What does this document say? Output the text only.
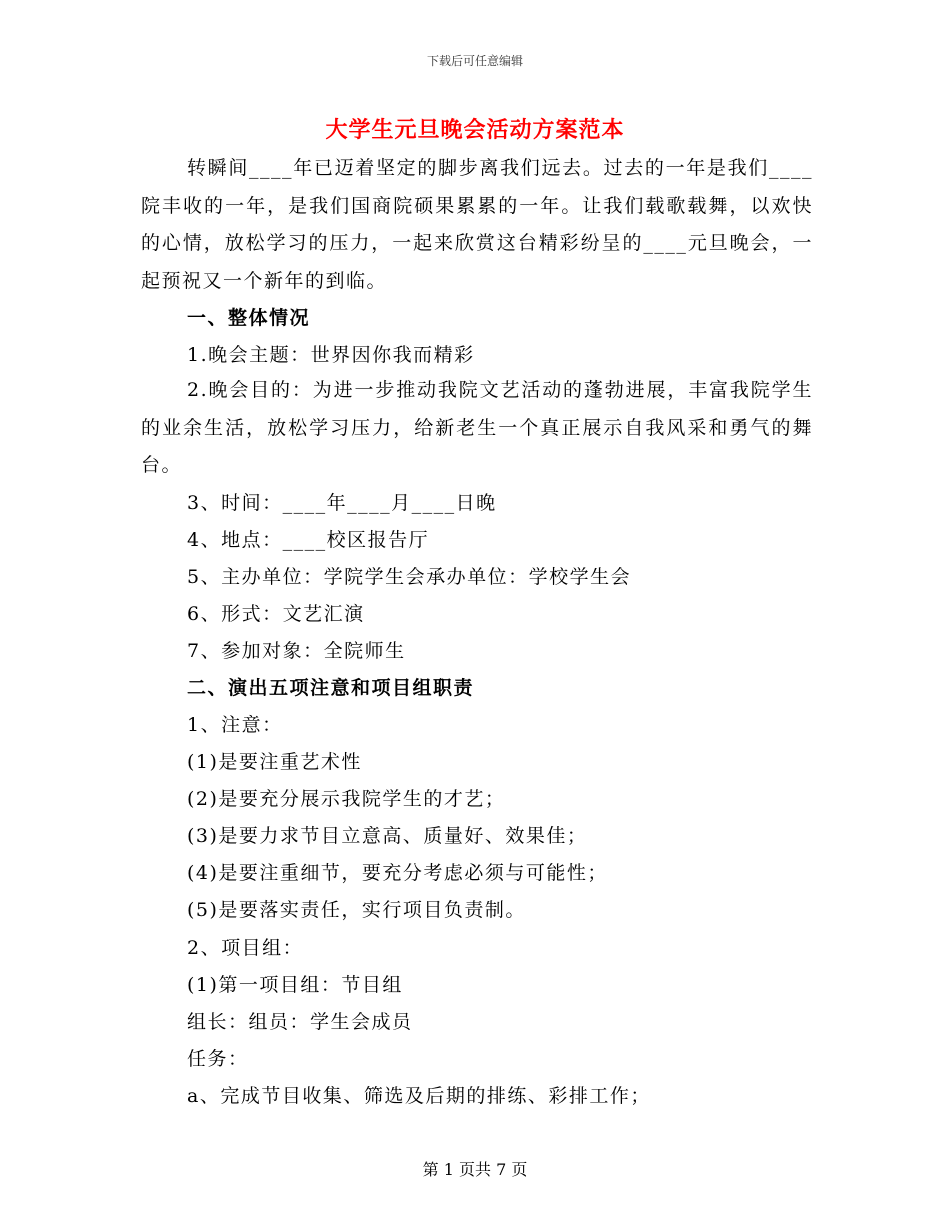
下载后可任意编辑
大学生元旦晚会活动方案范本

转瞬间____年已迈着坚定的脚步离我们远去。过去的一年是我们____院丰收的一年，是我们国商院硕果累累的一年。让我们载歌载舞，以欢快的心情，放松学习的压力，一起来欣赏这台精彩纷呈的____元旦晚会，一起预祝又一个新年的到临。

一、整体情况
1.晚会主题：世界因你我而精彩

2.晚会目的：为进一步推动我院文艺活动的蓬勃进展，丰富我院学生的业余生活，放松学习压力，给新老生一个真正展示自我风采和勇气的舞台。

3、时间：____年____月____日晚
4、地点：____校区报告厅
5、主办单位：学院学生会承办单位：学校学生会
6、形式：文艺汇演
7、参加对象：全院师生
二、演出五项注意和项目组职责
1、注意：
(1)是要注重艺术性
(2)是要充分展示我院学生的才艺；
(3)是要力求节目立意高、质量好、效果佳；
(4)是要注重细节，要充分考虑必须与可能性；
(5)是要落实责任，实行项目负责制。
2、项目组：
(1)第一项目组：节目组
组长：组员：学生会成员
任务：
a、完成节目收集、筛选及后期的排练、彩排工作；
第 1 页共 7 页
